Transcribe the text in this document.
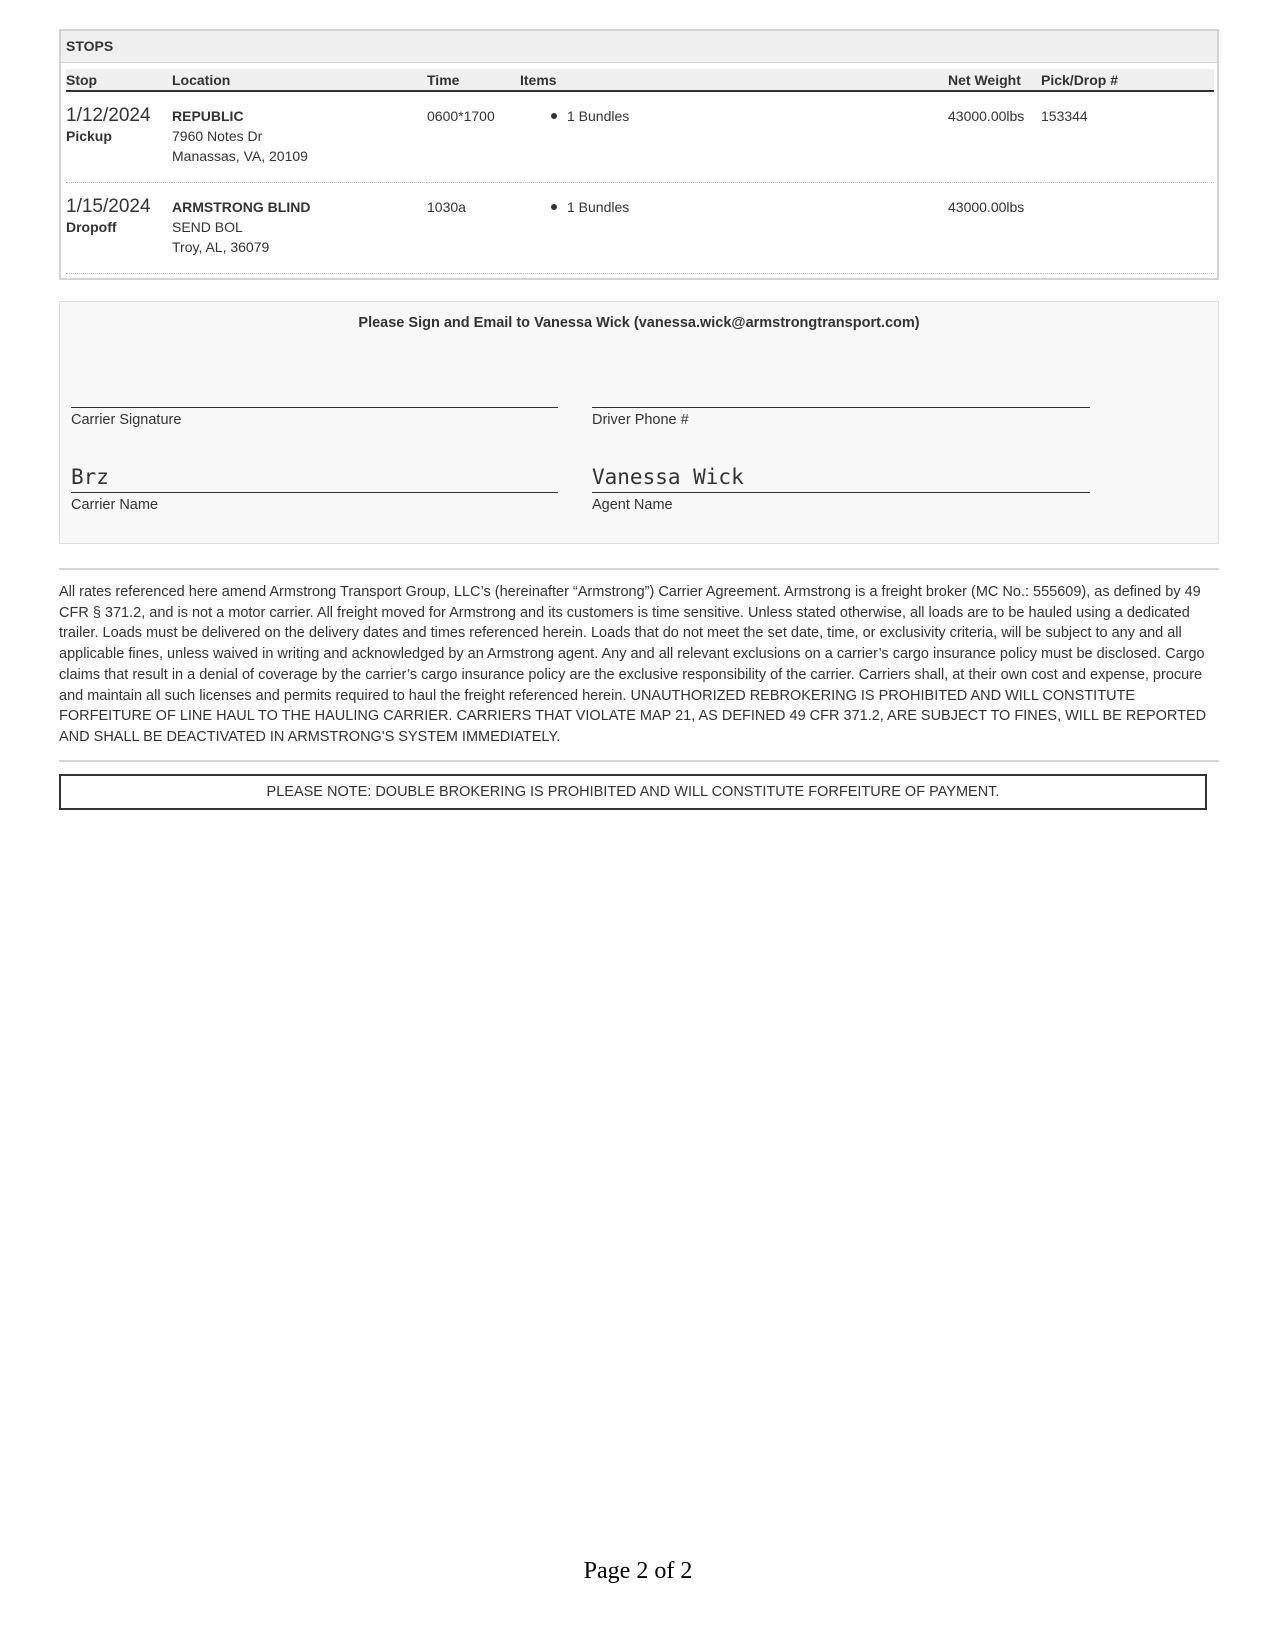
STOPS
Stop	Location	Time	Items	Net Weight	Pick/Drop #

1/12/2024
Pickup	REPUBLIC
7960 Notes Dr
Manassas, VA, 20109	0600*1700	1 Bundles	43000.00lbs	153344

1/15/2024
Dropoff	ARMSTRONG BLIND
SEND BOL
Troy, AL, 36079	1030a	1 Bundles	43000.00lbs	

Please Sign and Email to Vanessa Wick (vanessa.wick@armstrongtransport.com)
Carrier Signature	Driver Phone #
Brz
Carrier Name
Vanessa Wick
Agent Name

All rates referenced here amend Armstrong Transport Group, LLC’s (hereinafter “Armstrong”) Carrier Agreement. Armstrong is a freight broker (MC No.: 555609), as defined by 49 CFR § 371.2, and is not a motor carrier. All freight moved for Armstrong and its customers is time sensitive. Unless stated otherwise, all loads are to be hauled using a dedicated trailer. Loads must be delivered on the delivery dates and times referenced herein. Loads that do not meet the set date, time, or exclusivity criteria, will be subject to any and all applicable fines, unless waived in writing and acknowledged by an Armstrong agent. Any and all relevant exclusions on a carrier’s cargo insurance policy must be disclosed. Cargo claims that result in a denial of coverage by the carrier’s cargo insurance policy are the exclusive responsibility of the carrier. Carriers shall, at their own cost and expense, procure and maintain all such licenses and permits required to haul the freight referenced herein. UNAUTHORIZED REBROKERING IS PROHIBITED AND WILL CONSTITUTE FORFEITURE OF LINE HAUL TO THE HAULING CARRIER. CARRIERS THAT VIOLATE MAP 21, AS DEFINED 49 CFR 371.2, ARE SUBJECT TO FINES, WILL BE REPORTED AND SHALL BE DEACTIVATED IN ARMSTRONG'S SYSTEM IMMEDIATELY.

PLEASE NOTE: DOUBLE BROKERING IS PROHIBITED AND WILL CONSTITUTE FORFEITURE OF PAYMENT.
Page 2 of 2
